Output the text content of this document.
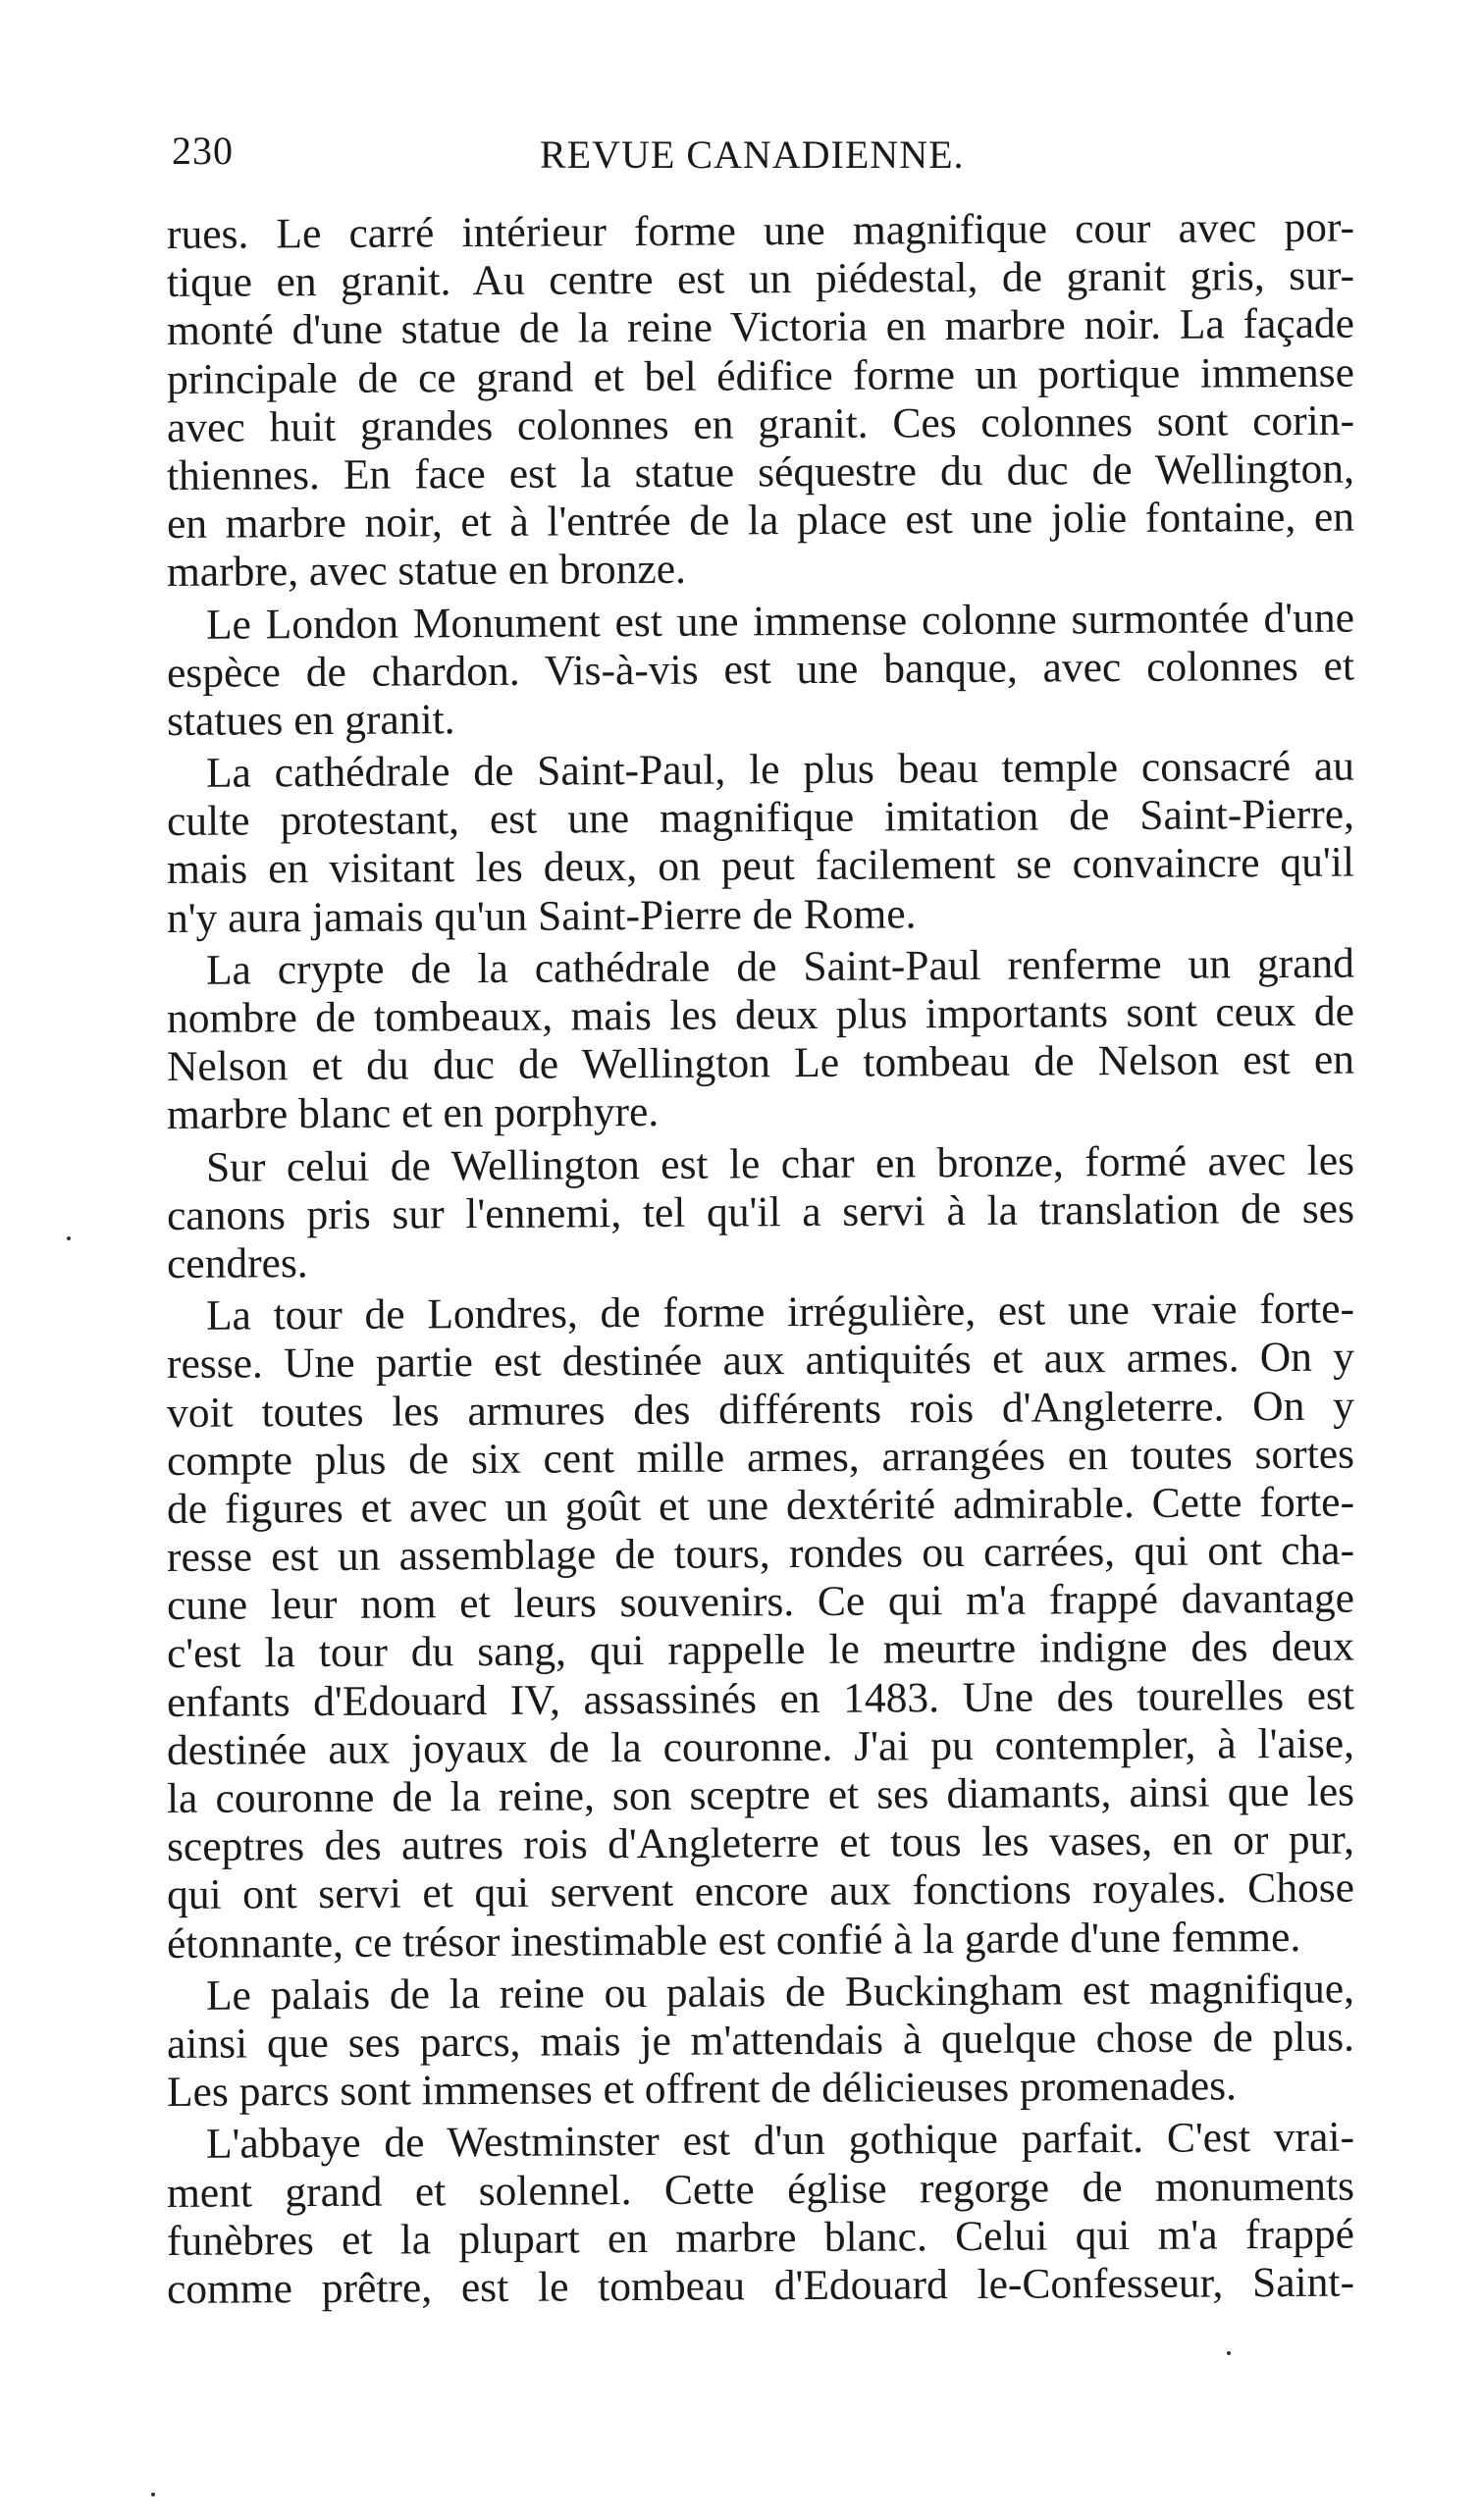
230	REVUE CANADIENNE.
rues. Le carré intérieur forme une magnifique cour avec por-
tique en granit. Au centre est un piédestal, de granit gris, sur-
monté d'une statue de la reine Victoria en marbre noir. La façade
principale de ce grand et bel édifice forme un portique immense
avec huit grandes colonnes en granit. Ces colonnes sont corin-
thiennes. En face est la statue séquestre du duc de Wellington,
en marbre noir, et à l'entrée de la place est une jolie fontaine, en
marbre, avec statue en bronze.
Le London Monument est une immense colonne surmontée d'une
espèce de chardon. Vis-à-vis est une banque, avec colonnes et
statues en granit.
La cathédrale de Saint-Paul, le plus beau temple consacré au
culte protestant, est une magnifique imitation de Saint-Pierre,
mais en visitant les deux, on peut facilement se convaincre qu'il
n'y aura jamais qu'un Saint-Pierre de Rome.
La crypte de la cathédrale de Saint-Paul renferme un grand
nombre de tombeaux, mais les deux plus importants sont ceux de
Nelson et du duc de Wellington Le tombeau de Nelson est en
marbre blanc et en porphyre.
Sur celui de Wellington est le char en bronze, formé avec les
canons pris sur l'ennemi, tel qu'il a servi à la translation de ses
cendres.
La tour de Londres, de forme irrégulière, est une vraie forte-
resse. Une partie est destinée aux antiquités et aux armes. On y
voit toutes les armures des différents rois d'Angleterre. On y
compte plus de six cent mille armes, arrangées en toutes sortes
de figures et avec un goût et une dextérité admirable. Cette forte-
resse est un assemblage de tours, rondes ou carrées, qui ont cha-
cune leur nom et leurs souvenirs. Ce qui m'a frappé davantage
c'est la tour du sang, qui rappelle le meurtre indigne des deux
enfants d'Edouard IV, assassinés en 1483. Une des tourelles est
destinée aux joyaux de la couronne. J'ai pu contempler, à l'aise,
la couronne de la reine, son sceptre et ses diamants, ainsi que les
sceptres des autres rois d'Angleterre et tous les vases, en or pur,
qui ont servi et qui servent encore aux fonctions royales. Chose
étonnante, ce trésor inestimable est confié à la garde d'une femme.
Le palais de la reine ou palais de Buckingham est magnifique,
ainsi que ses parcs, mais je m'attendais à quelque chose de plus.
Les parcs sont immenses et offrent de délicieuses promenades.
L'abbaye de Westminster est d'un gothique parfait. C'est vrai-
ment grand et solennel. Cette église regorge de monuments
funèbres et la plupart en marbre blanc. Celui qui m'a frappé
comme prêtre, est le tombeau d'Edouard le-Confesseur, Saint-
